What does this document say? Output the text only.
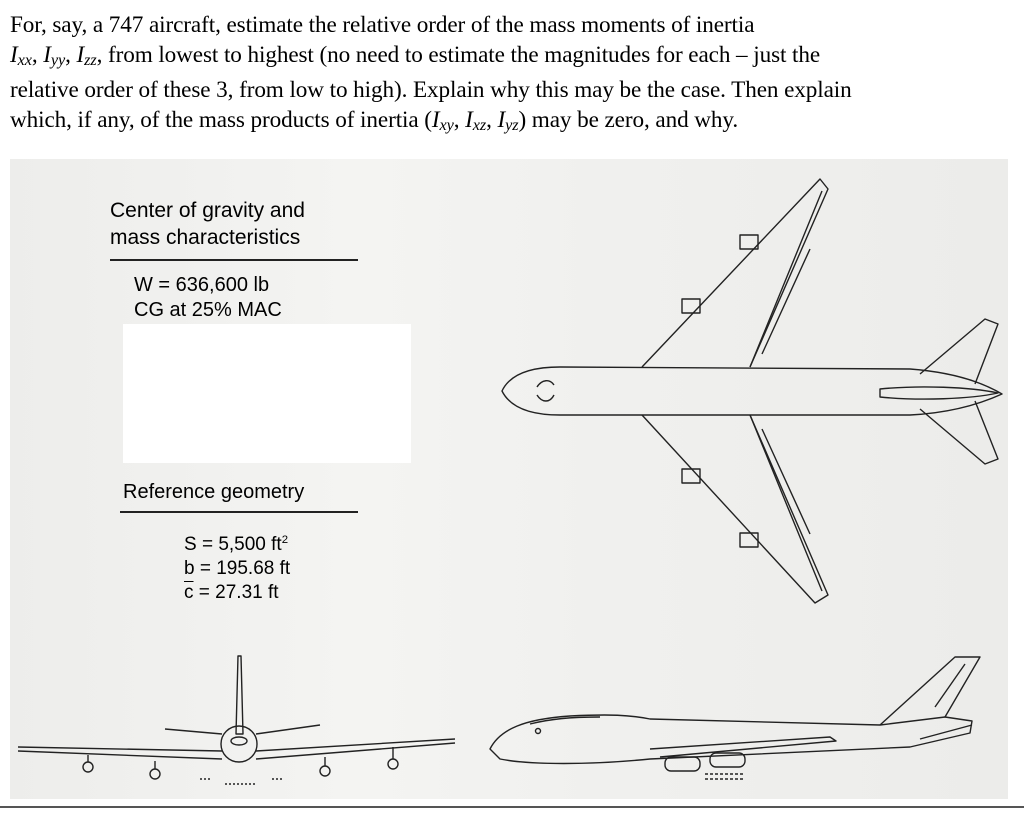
For, say, a 747 aircraft, estimate the relative order of the mass moments of inertia
$I_{xx}$, $I_{yy}$, $I_{zz}$, from lowest to highest (no need to estimate the magnitudes for each – just the
relative order of these 3, from low to high). Explain why this may be the case. Then explain
which, if any, of the mass products of inertia ($I_{xy}$, $I_{xz}$, $I_{yz}$) may be zero, and why.
Center of gravity and
mass characteristics
W = 636,600 lb
CG at 25% MAC
Reference geometry
S = 5,500 $ft^2$
b = 195.68 ft
$\overline{c} = 27.31$ ft
